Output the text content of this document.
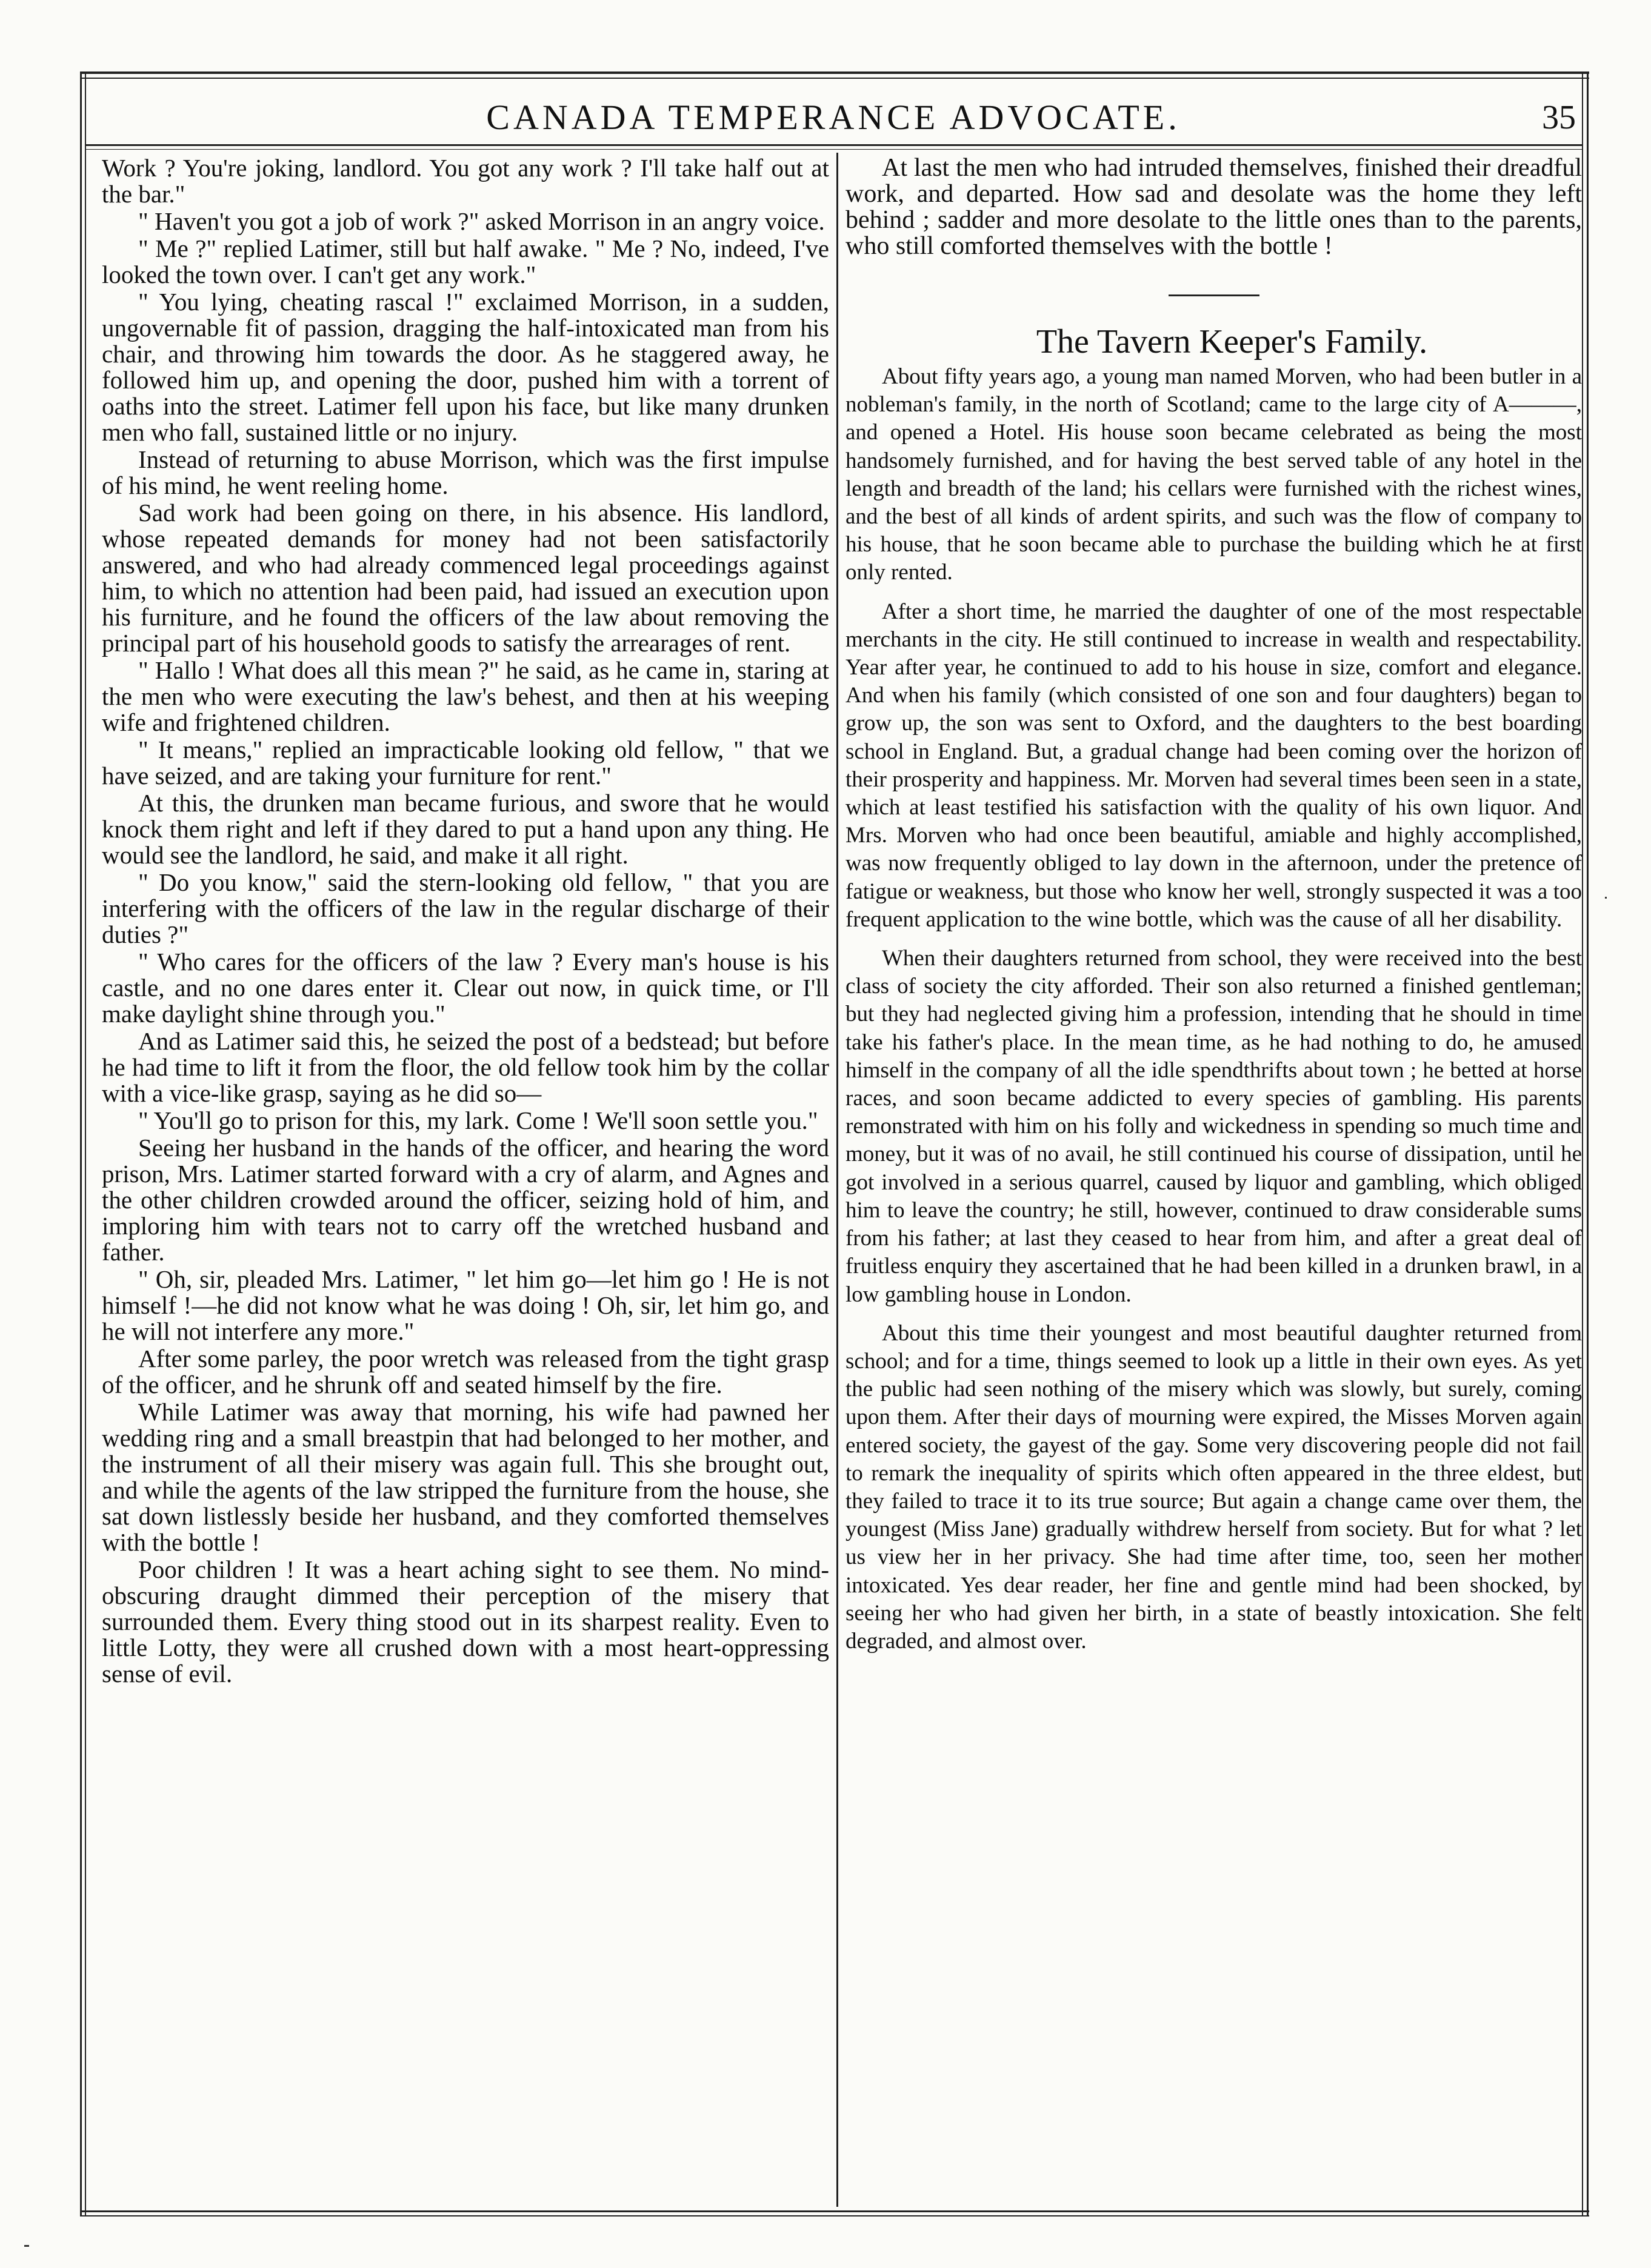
CANADA TEMPERANCE ADVOCATE.	35

Work ? You're joking, landlord. You got any work ? I'll take half out at the bar."

" Haven't you got a job of work ?" asked Morrison in an angry voice.

" Me ?" replied Latimer, still but half awake. " Me ? No, indeed, I've looked the town over. I can't get any work."

" You lying, cheating rascal !" exclaimed Morrison, in a sudden, ungovernable fit of passion, dragging the half-intoxicated man from his chair, and throwing him towards the door. As he staggered away, he followed him up, and opening the door, pushed him with a torrent of oaths into the street. Latimer fell upon his face, but like many drunken men who fall, sustained little or no injury.

Instead of returning to abuse Morrison, which was the first impulse of his mind, he went reeling home.

Sad work had been going on there, in his absence. His landlord, whose repeated demands for money had not been satisfactorily answered, and who had already commenced legal proceedings against him, to which no attention had been paid, had issued an execution upon his furniture, and he found the officers of the law about removing the principal part of his household goods to satisfy the arrearages of rent.

" Hallo ! What does all this mean ?" he said, as he came in, staring at the men who were executing the law's behest, and then at his weeping wife and frightened children.

" It means," replied an impracticable looking old fellow, " that we have seized, and are taking your furniture for rent."

At this, the drunken man became furious, and swore that he would knock them right and left if they dared to put a hand upon any thing. He would see the landlord, he said, and make it all right.

" Do you know," said the stern-looking old fellow, " that you are interfering with the officers of the law in the regular discharge of their duties ?"

" Who cares for the officers of the law ? Every man's house is his castle, and no one dares enter it. Clear out now, in quick time, or I'll make daylight shine through you."

And as Latimer said this, he seized the post of a bedstead; but before he had time to lift it from the floor, the old fellow took him by the collar with a vice-like grasp, saying as he did so—

" You'll go to prison for this, my lark. Come ! We'll soon settle you."

Seeing her husband in the hands of the officer, and hearing the word prison, Mrs. Latimer started forward with a cry of alarm, and Agnes and the other children crowded around the officer, seizing hold of him, and imploring him with tears not to carry off the wretched husband and father.

" Oh, sir, pleaded Mrs. Latimer, " let him go—let him go ! He is not himself !—he did not know what he was doing ! Oh, sir, let him go, and he will not interfere any more."

After some parley, the poor wretch was released from the tight grasp of the officer, and he shrunk off and seated himself by the fire.

While Latimer was away that morning, his wife had pawned her wedding ring and a small breastpin that had belonged to her mother, and the instrument of all their misery was again full. This she brought out, and while the agents of the law stripped the furniture from the house, she sat down listlessly beside her husband, and they comforted themselves with the bottle !

Poor children ! It was a heart aching sight to see them. No mind-obscuring draught dimmed their perception of the misery that surrounded them. Every thing stood out in its sharpest reality. Even to little Lotty, they were all crushed down with a most heart-oppressing sense of evil.

At last the men who had intruded themselves, finished their dreadful work, and departed. How sad and desolate was the home they left behind ; sadder and more desolate to the little ones than to the parents, who still comforted themselves with the bottle !

The Tavern Keeper's Family.

About fifty years ago, a young man named Morven, who had been butler in a nobleman's family, in the north of Scotland; came to the large city of A———, and opened a Hotel. His house soon became celebrated as being the most handsomely furnished, and for having the best served table of any hotel in the length and breadth of the land; his cellars were furnished with the richest wines, and the best of all kinds of ardent spirits, and such was the flow of company to his house, that he soon became able to purchase the building which he at first only rented.

After a short time, he married the daughter of one of the most respectable merchants in the city. He still continued to increase in wealth and respectability. Year after year, he continued to add to his house in size, comfort and elegance. And when his family (which consisted of one son and four daughters) began to grow up, the son was sent to Oxford, and the daughters to the best boarding school in England. But, a gradual change had been coming over the horizon of their prosperity and happiness. Mr. Morven had several times been seen in a state, which at least testified his satisfaction with the quality of his own liquor. And Mrs. Morven who had once been beautiful, amiable and highly accomplished, was now frequently obliged to lay down in the afternoon, under the pretence of fatigue or weakness, but those who know her well, strongly suspected it was a too frequent application to the wine bottle, which was the cause of all her disability.

When their daughters returned from school, they were received into the best class of society the city afforded. Their son also returned a finished gentleman; but they had neglected giving him a profession, intending that he should in time take his father's place. In the mean time, as he had nothing to do, he amused himself in the company of all the idle spendthrifts about town ; he betted at horse races, and soon became addicted to every species of gambling. His parents remonstrated with him on his folly and wickedness in spending so much time and money, but it was of no avail, he still continued his course of dissipation, until he got involved in a serious quarrel, caused by liquor and gambling, which obliged him to leave the country; he still, however, continued to draw considerable sums from his father; at last they ceased to hear from him, and after a great deal of fruitless enquiry they ascertained that he had been killed in a drunken brawl, in a low gambling house in London.

About this time their youngest and most beautiful daughter returned from school; and for a time, things seemed to look up a little in their own eyes. As yet the public had seen nothing of the misery which was slowly, but surely, coming upon them. After their days of mourning were expired, the Misses Morven again entered society, the gayest of the gay. Some very discovering people did not fail to remark the inequality of spirits which often appeared in the three eldest, but they failed to trace it to its true source; But again a change came over them, the youngest (Miss Jane) gradually withdrew herself from society. But for what ? let us view her in her privacy. She had time after time, too, seen her mother intoxicated. Yes dear reader, her fine and gentle mind had been shocked, by seeing her who had given her birth, in a state of beastly intoxication. She felt degraded, and almost over.
